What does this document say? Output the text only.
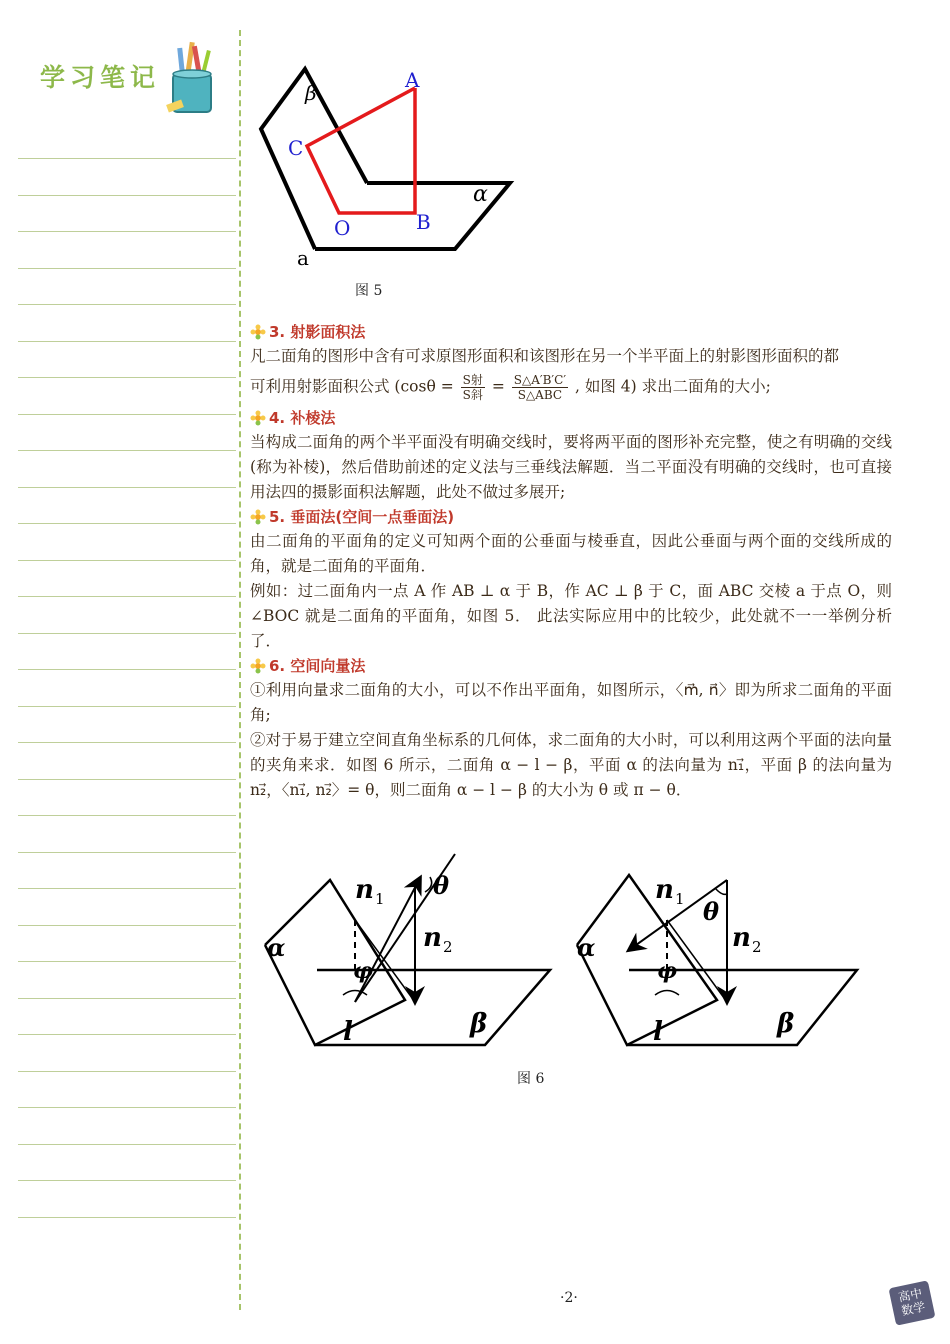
学习笔记
β
A
C
α
O	B
a
图 5
3. 射影面积法
凡二面角的图形中含有可求原图形面积和该图形在另一个半平面上的射影图形面积的都
可利用射影面积公式 ($\cos\theta = \frac{\text{S射}}{\text{S斜}} = \frac{S\triangle A'B'C'}{\text{S△ABC}}$ , 如图 4) 求出二面角的大小;
4. 补棱法
当构成二面角的两个半平面没有明确交线时，要将两平面的图形补充完整，使之有明确的交线 (称为补棱)，然后借助前述的定义法与三垂线法解题．当二平面没有明确的交线时，也可直接用法四的摄影面积法解题，此处不做过多展开;
5. 垂面法(空间一点垂面法)
由二面角的平面角的定义可知两个面的公垂面与棱垂直，因此公垂面与两个面的交线所成的角，就是二面角的平面角．
例如：过二面角内一点 A 作 AB ⊥ α 于 B，作 AC ⊥ β 于 C，面 ABC 交棱 a 于点 O，则 ∠BOC 就是二面角的平面角，如图 5． 此法实际应用中的比较少，此处就不一一举例分析了．
6. 空间向量法
①利用向量求二面角的大小，可以不作出平面角，如图所示，〈m⃗, n⃗〉即为所求二面角的平面角;
②对于易于建立空间直角坐标系的几何体，求二面角的大小时，可以利用这两个平面的法向量的夹角来求．如图 6 所示，二面角 α − l − β，平面 α 的法向量为 n₁⃗，平面 β 的法向量为 n₂⃗，〈n₁⃗, n₂⃗〉= θ，则二面角 α − l − β 的大小为 θ 或 π − θ．
n 1 θ
n 2
α
φ
l	β
n 1 θ
n 2
α
φ
l	β
图 6
·2·	高中
数学
